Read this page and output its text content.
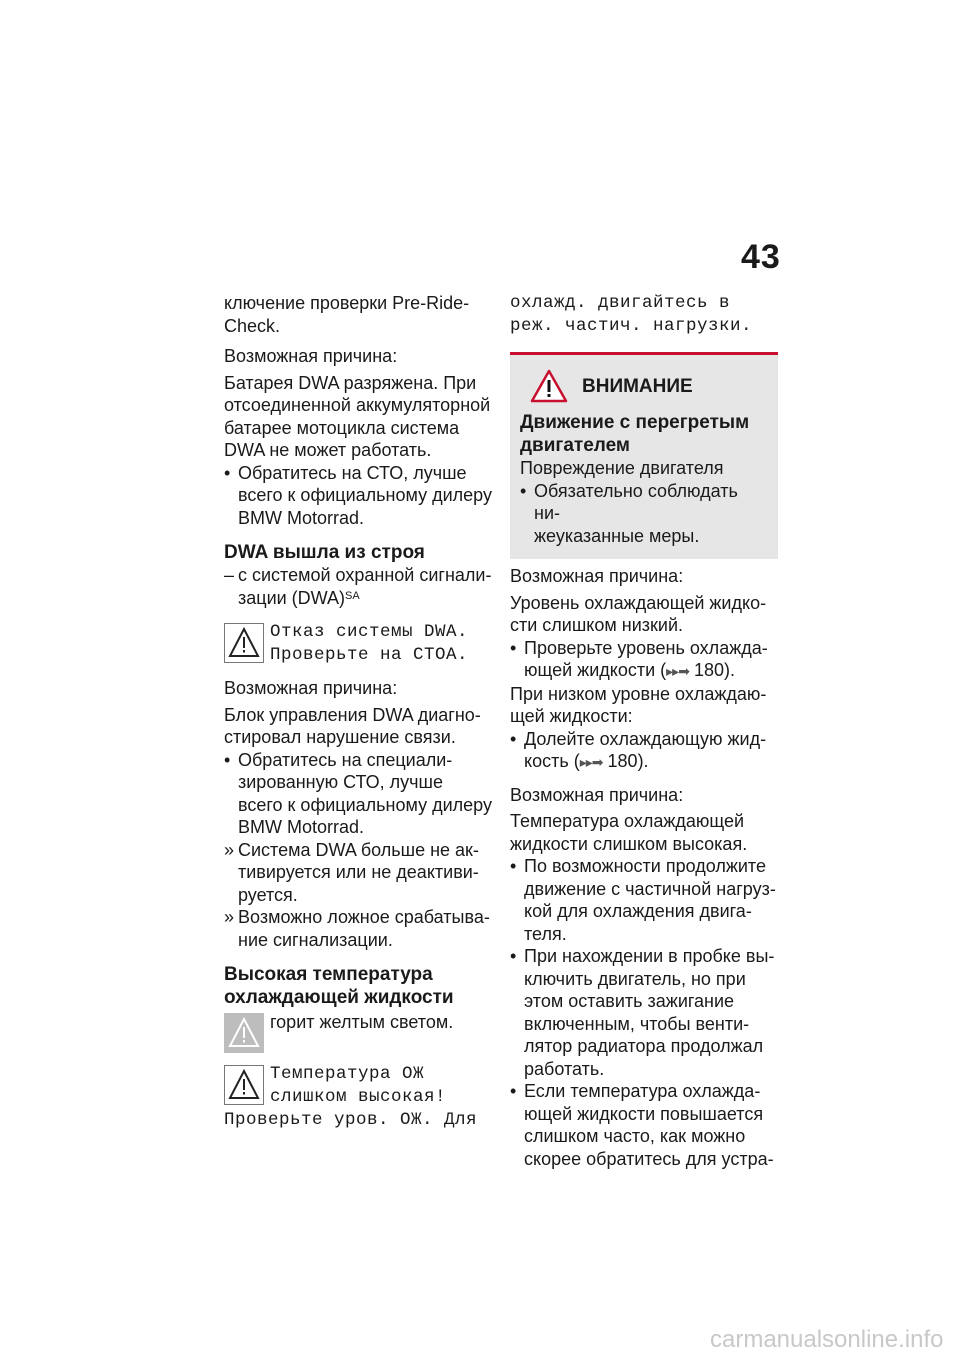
43
ключение проверки Pre-Ride-
Check.
Возможная причина:
Батарея DWA разряжена. При
отсоединенной аккумуляторной
батарее мотоцикла система
DWA не может работать.
• Обратитесь на СТО, лучше
всего к официальному дилеру
BMW Motorrad.
DWA вышла из строя
– с системой охранной сигнали-
зации (DWA)$^{SA}$
Отказ системы DWA.
Проверьте на СТОА.
Возможная причина:
Блок управления DWA диагно-
стировал нарушение связи.
• Обратитесь на специали-
зированную СТО, лучше
всего к официальному дилеру
BMW Motorrad.
» Система DWA больше не ак-
тивируется или не деактиви-
руется.
» Возможно ложное срабатыва-
ние сигнализации.
Высокая температура
охлаждающей жидкости
горит желтым светом.
Температура ОЖ
слишком высокая!
Проверьте уров. ОЖ. Для
охлажд. двигайтесь в
реж. частич. нагрузки.
ВНИМАНИЕ
Движение с перегретым
двигателем
Повреждение двигателя
• Обязательно соблюдать ни-
жеуказанные меры.
Возможная причина:
Уровень охлаждающей жидко-
сти слишком низкий.
• Проверьте уровень охлажда-
ющей жидкости (▸▸➡ 180).
При низком уровне охлаждаю-
щей жидкости:
• Долейте охлаждающую жид-
кость (▸▸➡ 180).
Возможная причина:
Температура охлаждающей
жидкости слишком высокая.
• По возможности продолжите
движение с частичной нагруз-
кой для охлаждения двига-
теля.
• При нахождении в пробке вы-
ключить двигатель, но при
этом оставить зажигание
включенным, чтобы венти-
лятор радиатора продолжал
работать.
• Если температура охлажда-
ющей жидкости повышается
слишком часто, как можно
скорее обратитесь для устра-
carmanualsonline.info
